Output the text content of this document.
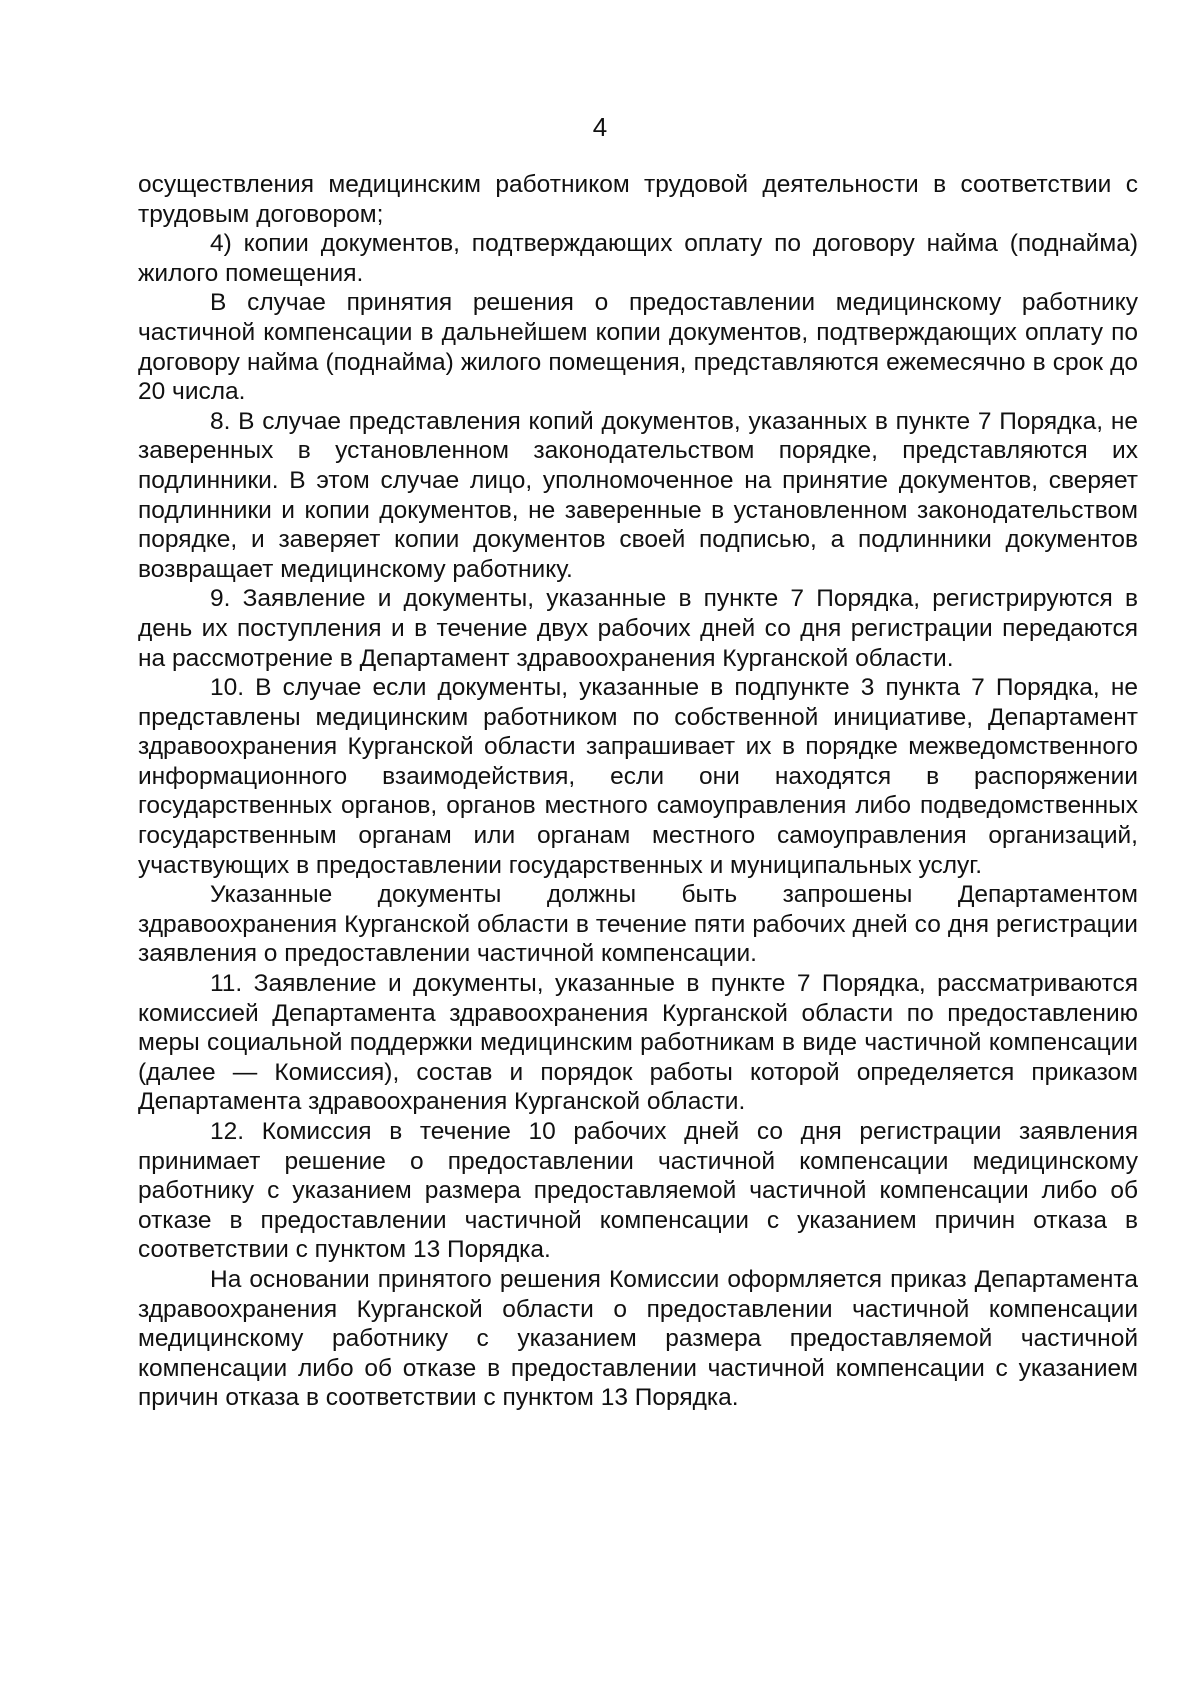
4

осуществления медицинским работником трудовой деятельности в соответствии с трудовым договором;

4) копии документов, подтверждающих оплату по договору найма (поднайма) жилого помещения.

В случае принятия решения о предоставлении медицинскому работнику частичной компенсации в дальнейшем копии документов, подтверждающих оплату по договору найма (поднайма) жилого помещения, представляются ежемесячно в срок до 20 числа.

8. В случае представления копий документов, указанных в пункте 7 Порядка, не заверенных в установленном законодательством порядке, представляются их подлинники. В этом случае лицо, уполномоченное на принятие документов, сверяет подлинники и копии документов, не заверенные в установленном законодательством порядке, и заверяет копии документов своей подписью, а подлинники документов возвращает медицинскому работнику.

9. Заявление и документы, указанные в пункте 7 Порядка, регистрируются в день их поступления и в течение двух рабочих дней со дня регистрации передаются на рассмотрение в Департамент здравоохранения Курганской области.

10. В случае если документы, указанные в подпункте 3 пункта 7 Порядка, не представлены медицинским работником по собственной инициативе, Департамент здравоохранения Курганской области запрашивает их в порядке межведомственного информационного взаимодействия, если они находятся в распоряжении государственных органов, органов местного самоуправления либо подведомственных государственным органам или органам местного самоуправления организаций, участвующих в предоставлении государственных и муниципальных услуг.

Указанные документы должны быть запрошены Департаментом здравоохранения Курганской области в течение пяти рабочих дней со дня регистрации заявления о предоставлении частичной компенсации.

11. Заявление и документы, указанные в пункте 7 Порядка, рассматриваются комиссией Департамента здравоохранения Курганской области по предоставлению меры социальной поддержки медицинским работникам в виде частичной компенсации (далее — Комиссия), состав и порядок работы которой определяется приказом Департамента здравоохранения Курганской области.

12. Комиссия в течение 10 рабочих дней со дня регистрации заявления принимает решение о предоставлении частичной компенсации медицинскому работнику с указанием размера предоставляемой частичной компенсации либо об отказе в предоставлении частичной компенсации с указанием причин отказа в соответствии с пунктом 13 Порядка.

На основании принятого решения Комиссии оформляется приказ Департамента здравоохранения Курганской области о предоставлении частичной компенсации медицинскому работнику с указанием размера предоставляемой частичной компенсации либо об отказе в предоставлении частичной компенсации с указанием причин отказа в соответствии с пунктом 13 Порядка.
